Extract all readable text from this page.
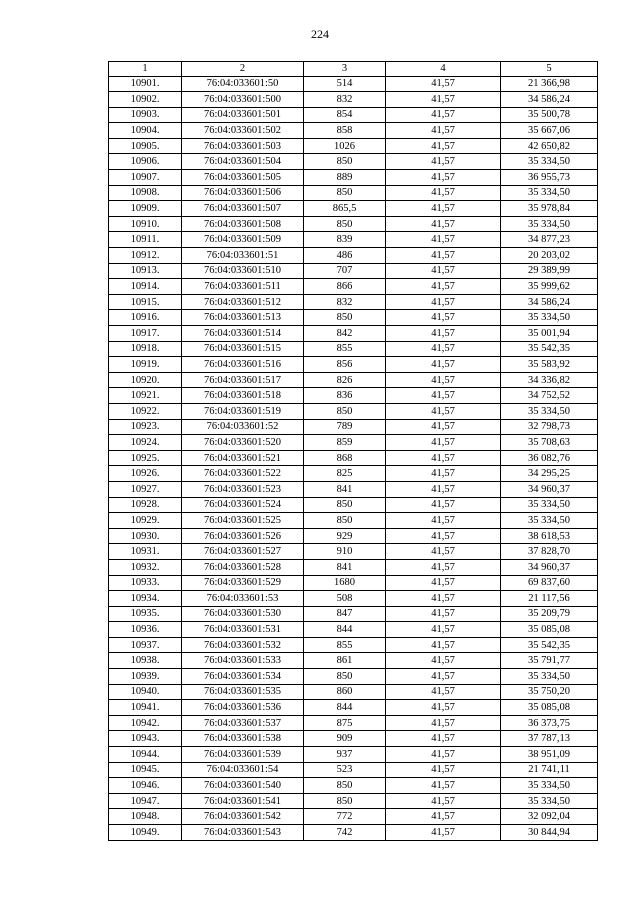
224
1	2	3	4	5
10901.	76:04:033601:50	514	41,57	21 366,98
10902.	76:04:033601:500	832	41,57	34 586,24
10903.	76:04:033601:501	854	41,57	35 500,78
10904.	76:04:033601:502	858	41,57	35 667,06
10905.	76:04:033601:503	1026	41,57	42 650,82
10906.	76:04:033601:504	850	41,57	35 334,50
10907.	76:04:033601:505	889	41,57	36 955,73
10908.	76:04:033601:506	850	41,57	35 334,50
10909.	76:04:033601:507	865,5	41,57	35 978,84
10910.	76:04:033601:508	850	41,57	35 334,50
10911.	76:04:033601:509	839	41,57	34 877,23
10912.	76:04:033601:51	486	41,57	20 203,02
10913.	76:04:033601:510	707	41,57	29 389,99
10914.	76:04:033601:511	866	41,57	35 999,62
10915.	76:04:033601:512	832	41,57	34 586,24
10916.	76:04:033601:513	850	41,57	35 334,50
10917.	76:04:033601:514	842	41,57	35 001,94
10918.	76:04:033601:515	855	41,57	35 542,35
10919.	76:04:033601:516	856	41,57	35 583,92
10920.	76:04:033601:517	826	41,57	34 336,82
10921.	76:04:033601:518	836	41,57	34 752,52
10922.	76:04:033601:519	850	41,57	35 334,50
10923.	76:04:033601:52	789	41,57	32 798,73
10924.	76:04:033601:520	859	41,57	35 708,63
10925.	76:04:033601:521	868	41,57	36 082,76
10926.	76:04:033601:522	825	41,57	34 295,25
10927.	76:04:033601:523	841	41,57	34 960,37
10928.	76:04:033601:524	850	41,57	35 334,50
10929.	76:04:033601:525	850	41,57	35 334,50
10930.	76:04:033601:526	929	41,57	38 618,53
10931.	76:04:033601:527	910	41,57	37 828,70
10932.	76:04:033601:528	841	41,57	34 960,37
10933.	76:04:033601:529	1680	41,57	69 837,60
10934.	76:04:033601:53	508	41,57	21 117,56
10935.	76:04:033601:530	847	41,57	35 209,79
10936.	76:04:033601:531	844	41,57	35 085,08
10937.	76:04:033601:532	855	41,57	35 542,35
10938.	76:04:033601:533	861	41,57	35 791,77
10939.	76:04:033601:534	850	41,57	35 334,50
10940.	76:04:033601:535	860	41,57	35 750,20
10941.	76:04:033601:536	844	41,57	35 085,08
10942.	76:04:033601:537	875	41,57	36 373,75
10943.	76:04:033601:538	909	41,57	37 787,13
10944.	76:04:033601:539	937	41,57	38 951,09
10945.	76:04:033601:54	523	41,57	21 741,11
10946.	76:04:033601:540	850	41,57	35 334,50
10947.	76:04:033601:541	850	41,57	35 334,50
10948.	76:04:033601:542	772	41,57	32 092,04
10949.	76:04:033601:543	742	41,57	30 844,94
